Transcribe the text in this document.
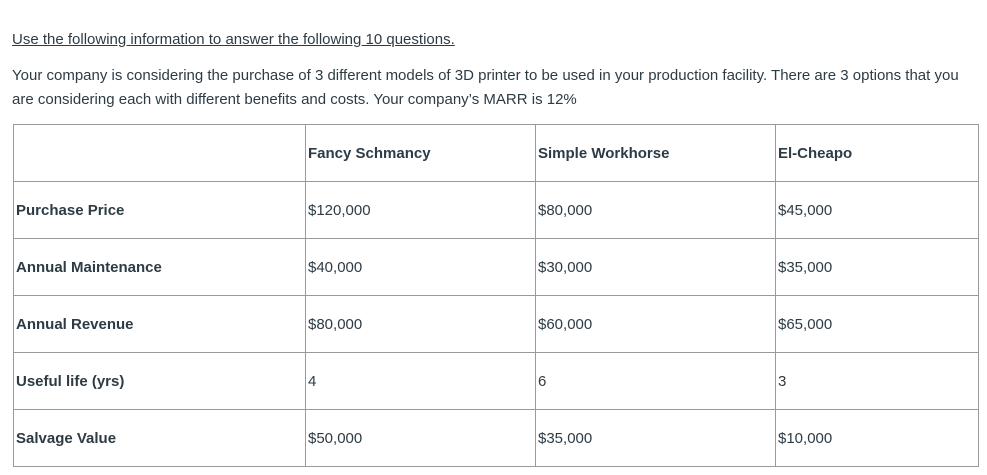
Use the following information to answer the following 10 questions.

Your company is considering the purchase of 3 different models of 3D printer to be used in your production facility. There are 3 options that you are considering each with different benefits and costs. Your company’s MARR is 12%

	Fancy Schmancy	Simple Workhorse	El-Cheapo
Purchase Price	$120,000	$80,000	$45,000
Annual Maintenance	$40,000	$30,000	$35,000
Annual Revenue	$80,000	$60,000	$65,000
Useful life (yrs)	4	6	3
Salvage Value	$50,000	$35,000	$10,000
